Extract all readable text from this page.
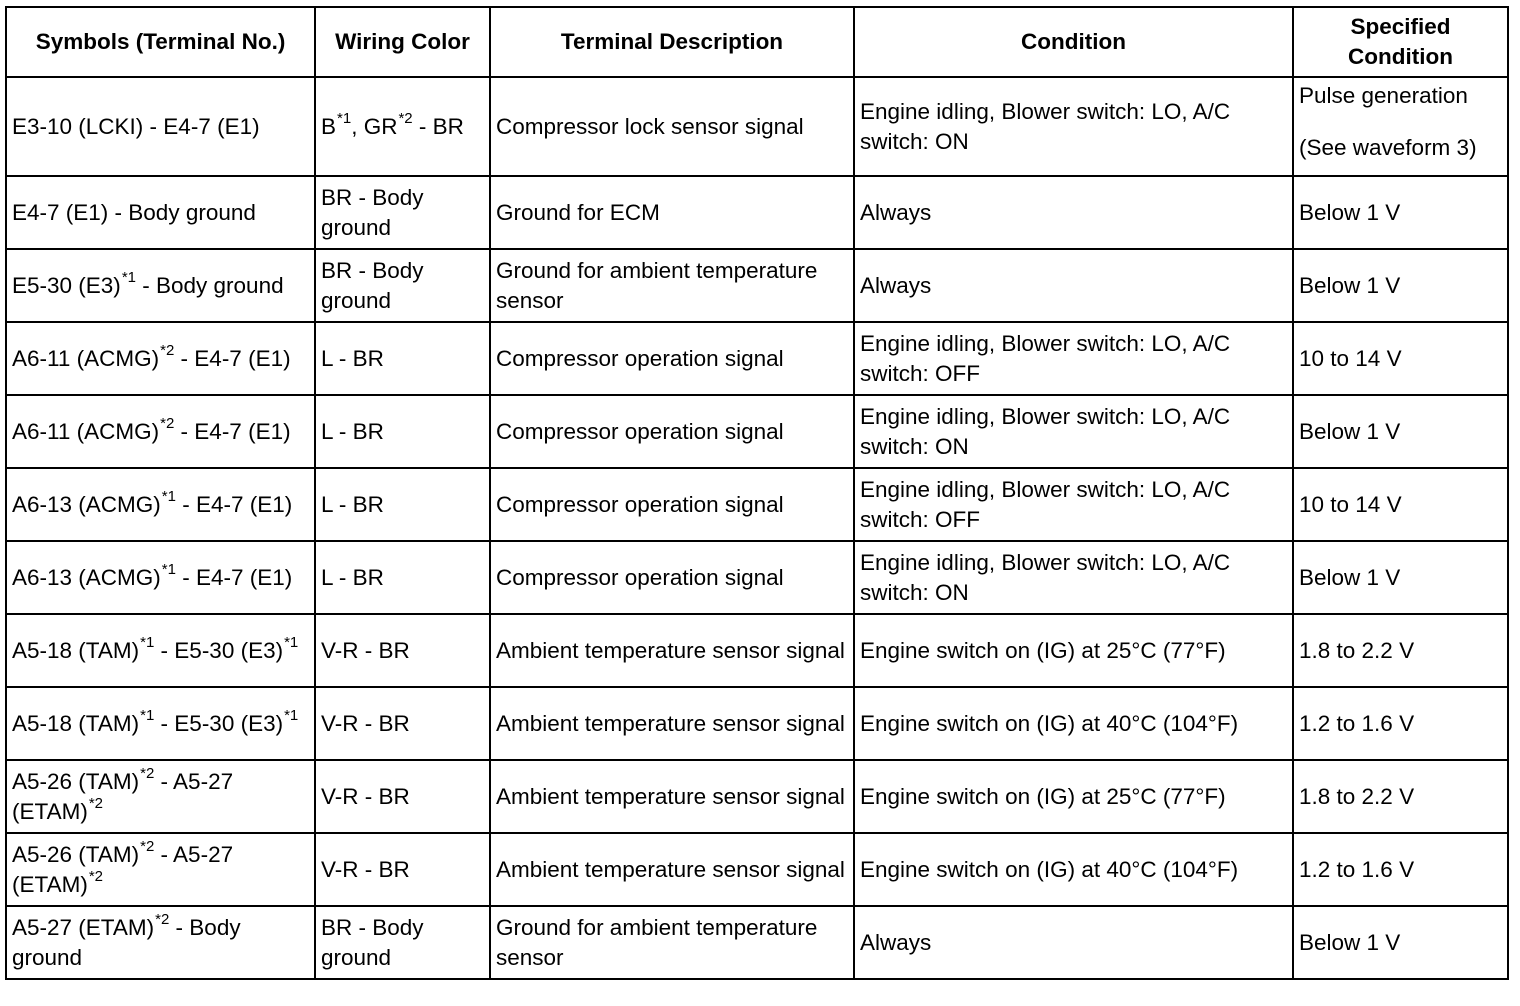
Symbols (Terminal No.)	Wiring Color	Terminal Description	Condition	Specified Condition
E3-10 (LCKI) - E4-7 (E1)	$B^{*1}$, GR$^{*2}$ - BR	Compressor lock sensor signal	Engine idling, Blower switch: LO, A/C switch: ON	Pulse generation
(See waveform 3)

E4-7 (E1) - Body ground	BR - Body ground	Ground for ECM	Always	Below 1 V
E5-30 $(E3)^{*1}$ - Body ground	BR - Body ground	Ground for ambient temperature sensor	Always	Below 1 V
A6-11 (ACMG)$^{*2}$ - E4-7 (E1)	L - BR	Compressor operation signal	Engine idling, Blower switch: LO, A/C switch: OFF	10 to 14 V
A6-11 (ACMG)$^{*2}$ - E4-7 (E1)	L - BR	Compressor operation signal	Engine idling, Blower switch: LO, A/C switch: ON	Below 1 V
A6-13 (ACMG)$^{*1}$ - E4-7 (E1)	L - BR	Compressor operation signal	Engine idling, Blower switch: LO, A/C switch: OFF	10 to 14 V
A6-13 (ACMG)$^{*1}$ - E4-7 (E1)	L - BR	Compressor operation signal	Engine idling, Blower switch: LO, A/C switch: ON	Below 1 V
A5-18 (TAM)$^{*1}$ - E5-30 $(E3)^{*1}$	V-R - BR	Ambient temperature sensor signal	Engine switch on (IG) at 25°C (77°F)	1.8 to 2.2 V
A5-18 (TAM)$^{*1}$ - E5-30 $(E3)^{*1}$	V-R - BR	Ambient temperature sensor signal	Engine switch on (IG) at 40°C (104°F)	1.2 to 1.6 V
A5-26 (TAM)$^{*2}$ - A5-27 (ETAM)$^{*2}$	V-R - BR	Ambient temperature sensor signal	Engine switch on (IG) at 25°C (77°F)	1.8 to 2.2 V
A5-26 (TAM)$^{*2}$ - A5-27 (ETAM)$^{*2}$	V-R - BR	Ambient temperature sensor signal	Engine switch on (IG) at 40°C (104°F)	1.2 to 1.6 V
A5-27 (ETAM)$^{*2}$ - Body ground	BR - Body ground	Ground for ambient temperature sensor	Always	Below 1 V
